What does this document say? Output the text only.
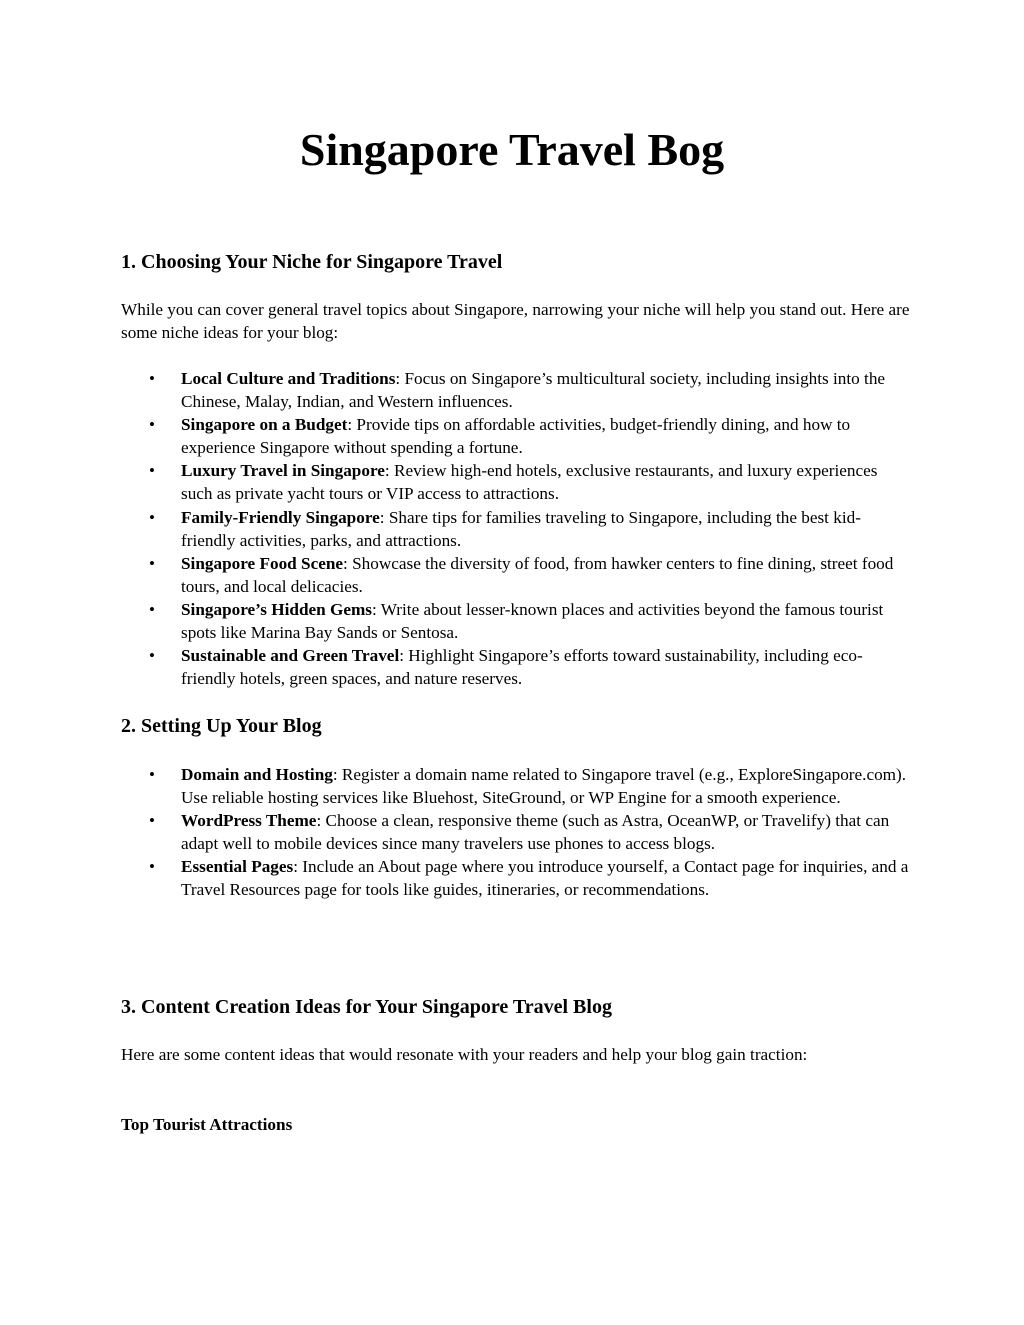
Singapore Travel Bog
1. Choosing Your Niche for Singapore Travel

While you can cover general travel topics about Singapore, narrowing your niche will help you stand out. Here are some niche ideas for your blog:

• Local Culture and Traditions: Focus on Singapore’s multicultural society, including insights into the Chinese, Malay, Indian, and Western influences.
• Singapore on a Budget: Provide tips on affordable activities, budget-friendly dining, and how to experience Singapore without spending a fortune.
• Luxury Travel in Singapore: Review high-end hotels, exclusive restaurants, and luxury experiences such as private yacht tours or VIP access to attractions.
• Family-Friendly Singapore: Share tips for families traveling to Singapore, including the best kid-friendly activities, parks, and attractions.
• Singapore Food Scene: Showcase the diversity of food, from hawker centers to fine dining, street food tours, and local delicacies.
• Singapore’s Hidden Gems: Write about lesser-known places and activities beyond the famous tourist spots like Marina Bay Sands or Sentosa.
• Sustainable and Green Travel: Highlight Singapore’s efforts toward sustainability, including eco-friendly hotels, green spaces, and nature reserves.
2. Setting Up Your Blog
• Domain and Hosting: Register a domain name related to Singapore travel (e.g., ExploreSingapore.com). Use reliable hosting services like Bluehost, SiteGround, or WP Engine for a smooth experience.
• WordPress Theme: Choose a clean, responsive theme (such as Astra, OceanWP, or Travelify) that can adapt well to mobile devices since many travelers use phones to access blogs.
• Essential Pages: Include an About page where you introduce yourself, a Contact page for inquiries, and a Travel Resources page for tools like guides, itineraries, or recommendations.
3. Content Creation Ideas for Your Singapore Travel Blog

Here are some content ideas that would resonate with your readers and help your blog gain traction:

Top Tourist Attractions
